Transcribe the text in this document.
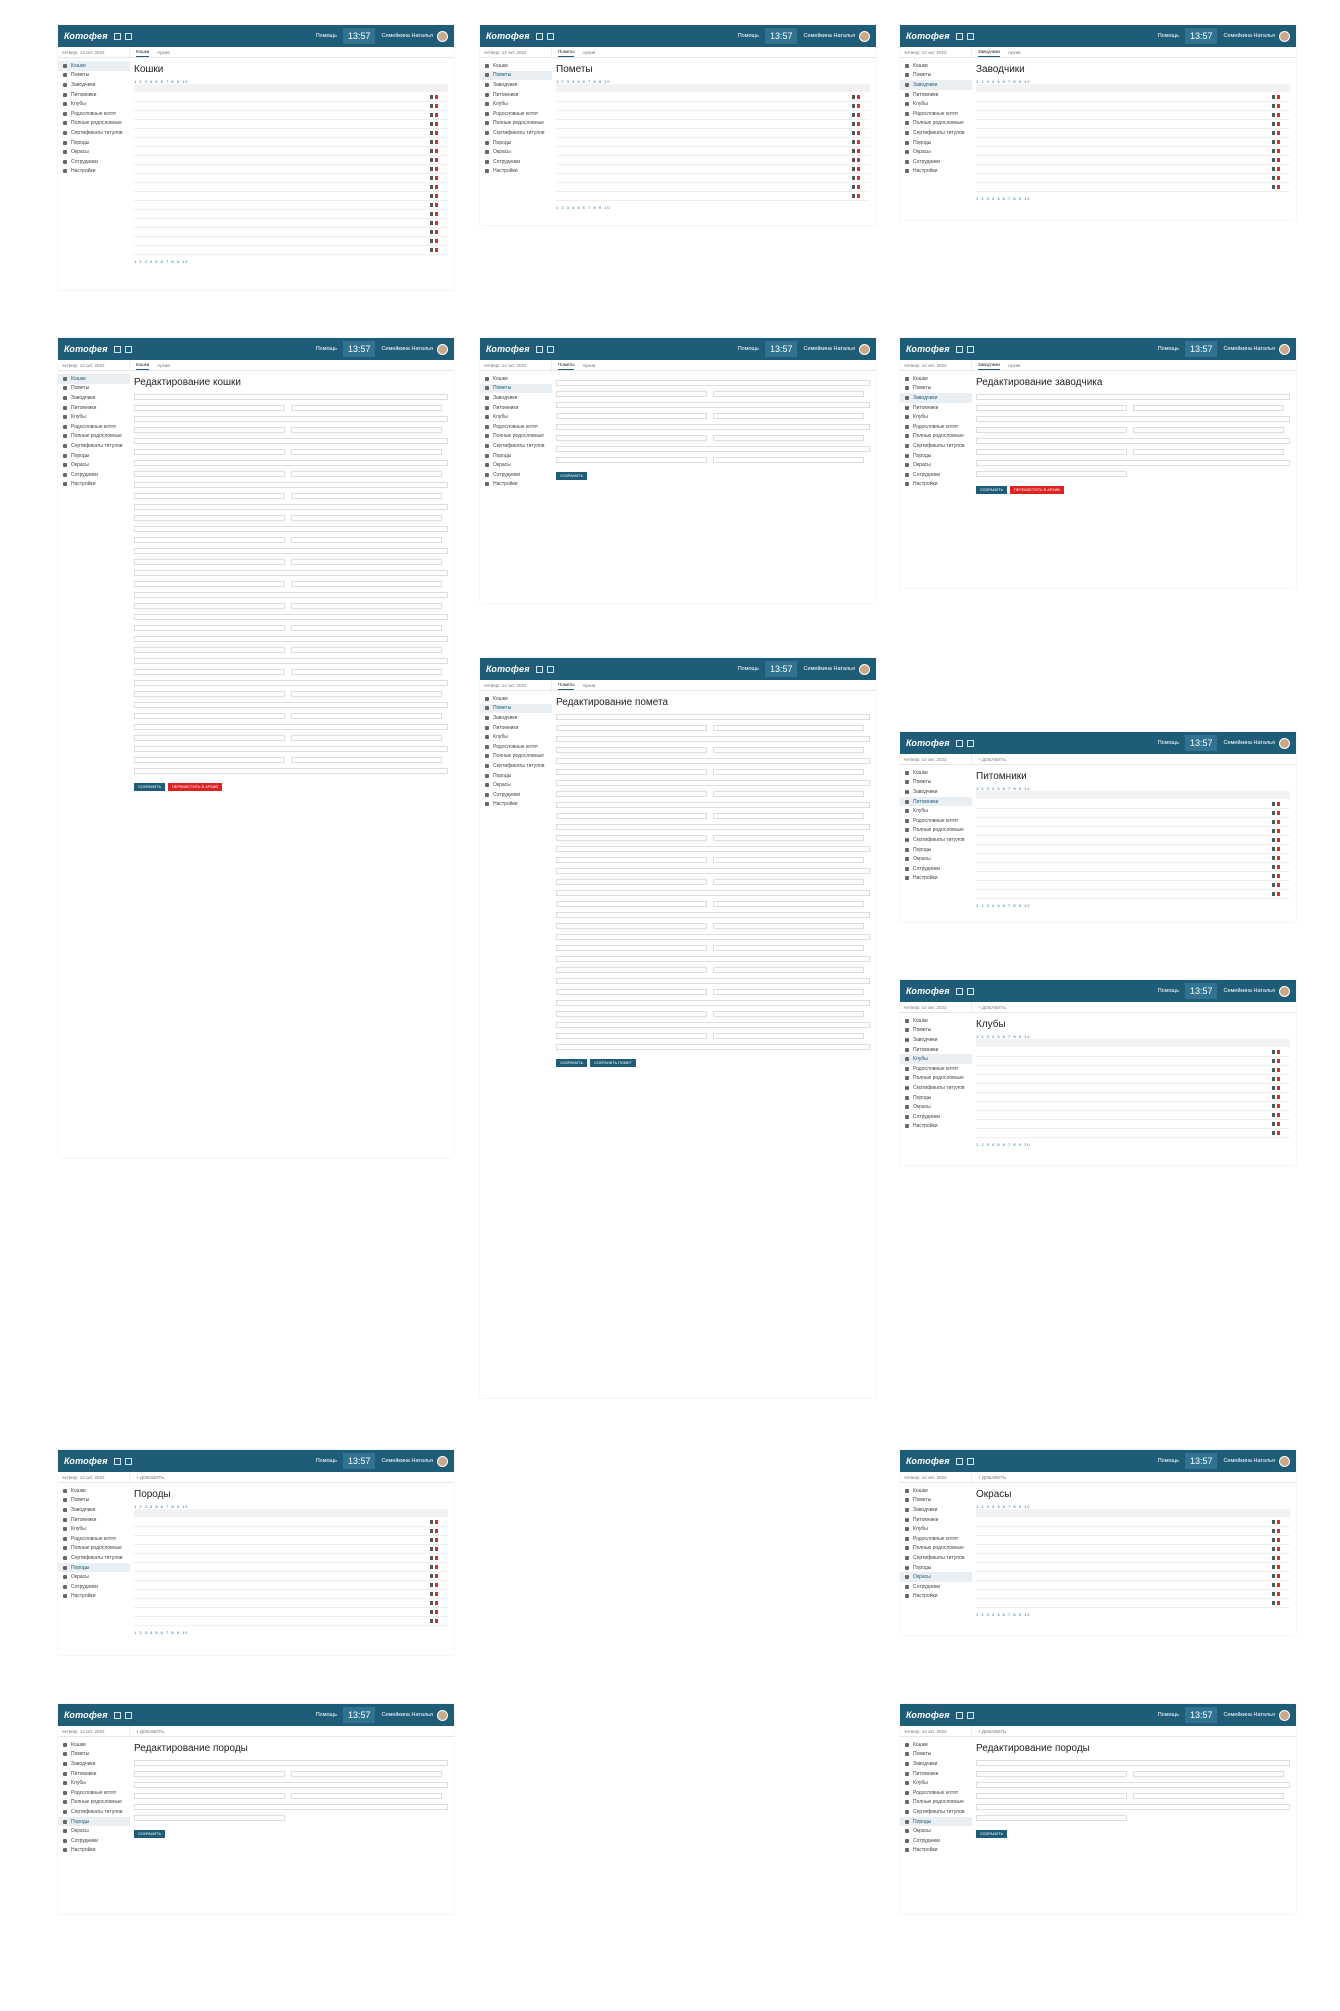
Котофея	Помощь	13:57	Семейкина Наталья
четверг, 14 окт. 2022	Кошки Архив
Кошки
Пометы
Заводчики
Питомники
Клубы
Родословные котят
Полные родословные
Сертификаты титулов
Породы
Окрасы
Сотрудники
Настройки
Кошки
1 2 3 4 5 6 7 8 9 10
1 2 3 4 5 6 7 8 9 10
Котофея	Помощь	13:57	Семейкина Наталья
четверг, 14 окт. 2022	Пометы Архив
Кошки
Пометы
Заводчики
Питомники
Клубы
Родословные котят
Полные родословные
Сертификаты титулов
Породы
Окрасы
Сотрудники
Настройки
Пометы
1 2 3 4 5 6 7 8 9 10
1 2 3 4 5 6 7 8 9 10
Котофея	Помощь	13:57	Семейкина Наталья
четверг, 14 окт. 2022	Заводчики Архив
Кошки
Пометы
Заводчики
Питомники
Клубы
Родословные котят
Полные родословные
Сертификаты титулов
Породы
Окрасы
Сотрудники
Настройки
Заводчики
1 2 3 4 5 6 7 8 9 10
1 2 3 4 5 6 7 8 9 10
Котофея	Помощь	13:57	Семейкина Наталья
четверг, 14 окт. 2022	Кошки Архив
Кошки
Пометы
Заводчики
Питомники
Клубы
Родословные котят
Полные родословные
Сертификаты титулов
Породы
Окрасы
Сотрудники
Настройки
Редактирование кошки
СОХРАНИТЬ	ПЕРЕМЕСТИТЬ В АРХИВ
Котофея	Помощь	13:57	Семейкина Наталья
четверг, 14 окт. 2022	Пометы Архив
Кошки
Пометы
Заводчики
Питомники
Клубы
Родословные котят
Полные родословные
Сертификаты титулов
Породы
Окрасы
Сотрудники
Настройки
СОХРАНИТЬ
Котофея	Помощь	13:57	Семейкина Наталья
четверг, 14 окт. 2022	Заводчики Архив
Кошки
Пометы
Заводчики
Питомники
Клубы
Родословные котят
Полные родословные
Сертификаты титулов
Породы
Окрасы
Сотрудники
Настройки
Редактирование заводчика
СОХРАНИТЬ	ПЕРЕМЕСТИТЬ В АРХИВ
Котофея	Помощь	13:57	Семейкина Наталья
четверг, 14 окт. 2022	Пометы Архив
Кошки
Пометы
Заводчики
Питомники
Клубы
Родословные котят
Полные родословные
Сертификаты титулов
Породы
Окрасы
Сотрудники
Настройки
Редактирование помета
СОХРАНИТЬ	СОХРАНИТЬ ПОМЕТ
Котофея	Помощь	13:57	Семейкина Наталья
четверг, 14 окт. 2022	+ ДОБАВИТЬ
Кошки
Пометы
Заводчики
Питомники
Клубы
Родословные котят
Полные родословные
Сертификаты титулов
Породы
Окрасы
Сотрудники
Настройки
Питомники
1 2 3 4 5 6 7 8 9 10
1 2 3 4 5 6 7 8 9 10
Котофея	Помощь	13:57	Семейкина Наталья
четверг, 14 окт. 2022	+ ДОБАВИТЬ
Кошки
Пометы
Заводчики
Питомники
Клубы
Родословные котят
Полные родословные
Сертификаты титулов
Породы
Окрасы
Сотрудники
Настройки
Клубы
1 2 3 4 5 6 7 8 9 10
1 2 3 4 5 6 7 8 9 10
Котофея	Помощь	13:57	Семейкина Наталья
четверг, 14 окт. 2022	+ ДОБАВИТЬ
Кошки
Пометы
Заводчики
Питомники
Клубы
Родословные котят
Полные родословные
Сертификаты титулов
Породы
Окрасы
Сотрудники
Настройки
Породы
1 2 3 4 5 6 7 8 9 10
1 2 3 4 5 6 7 8 9 10
Котофея	Помощь	13:57	Семейкина Наталья
четверг, 14 окт. 2022	+ ДОБАВИТЬ
Кошки
Пометы
Заводчики
Питомники
Клубы
Родословные котят
Полные родословные
Сертификаты титулов
Породы
Окрасы
Сотрудники
Настройки
Окрасы
1 2 3 4 5 6 7 8 9 10
1 2 3 4 5 6 7 8 9 10
Котофея	Помощь	13:57	Семейкина Наталья
четверг, 14 окт. 2022	+ ДОБАВИТЬ
Кошки
Пометы
Заводчики
Питомники
Клубы
Родословные котят
Полные родословные
Сертификаты титулов
Породы
Окрасы
Сотрудники
Настройки
Редактирование породы
СОХРАНИТЬ
Котофея	Помощь	13:57	Семейкина Наталья
четверг, 14 окт. 2022	+ ДОБАВИТЬ
Кошки
Пометы
Заводчики
Питомники
Клубы
Родословные котят
Полные родословные
Сертификаты титулов
Породы
Окрасы
Сотрудники
Настройки
Редактирование породы
СОХРАНИТЬ
